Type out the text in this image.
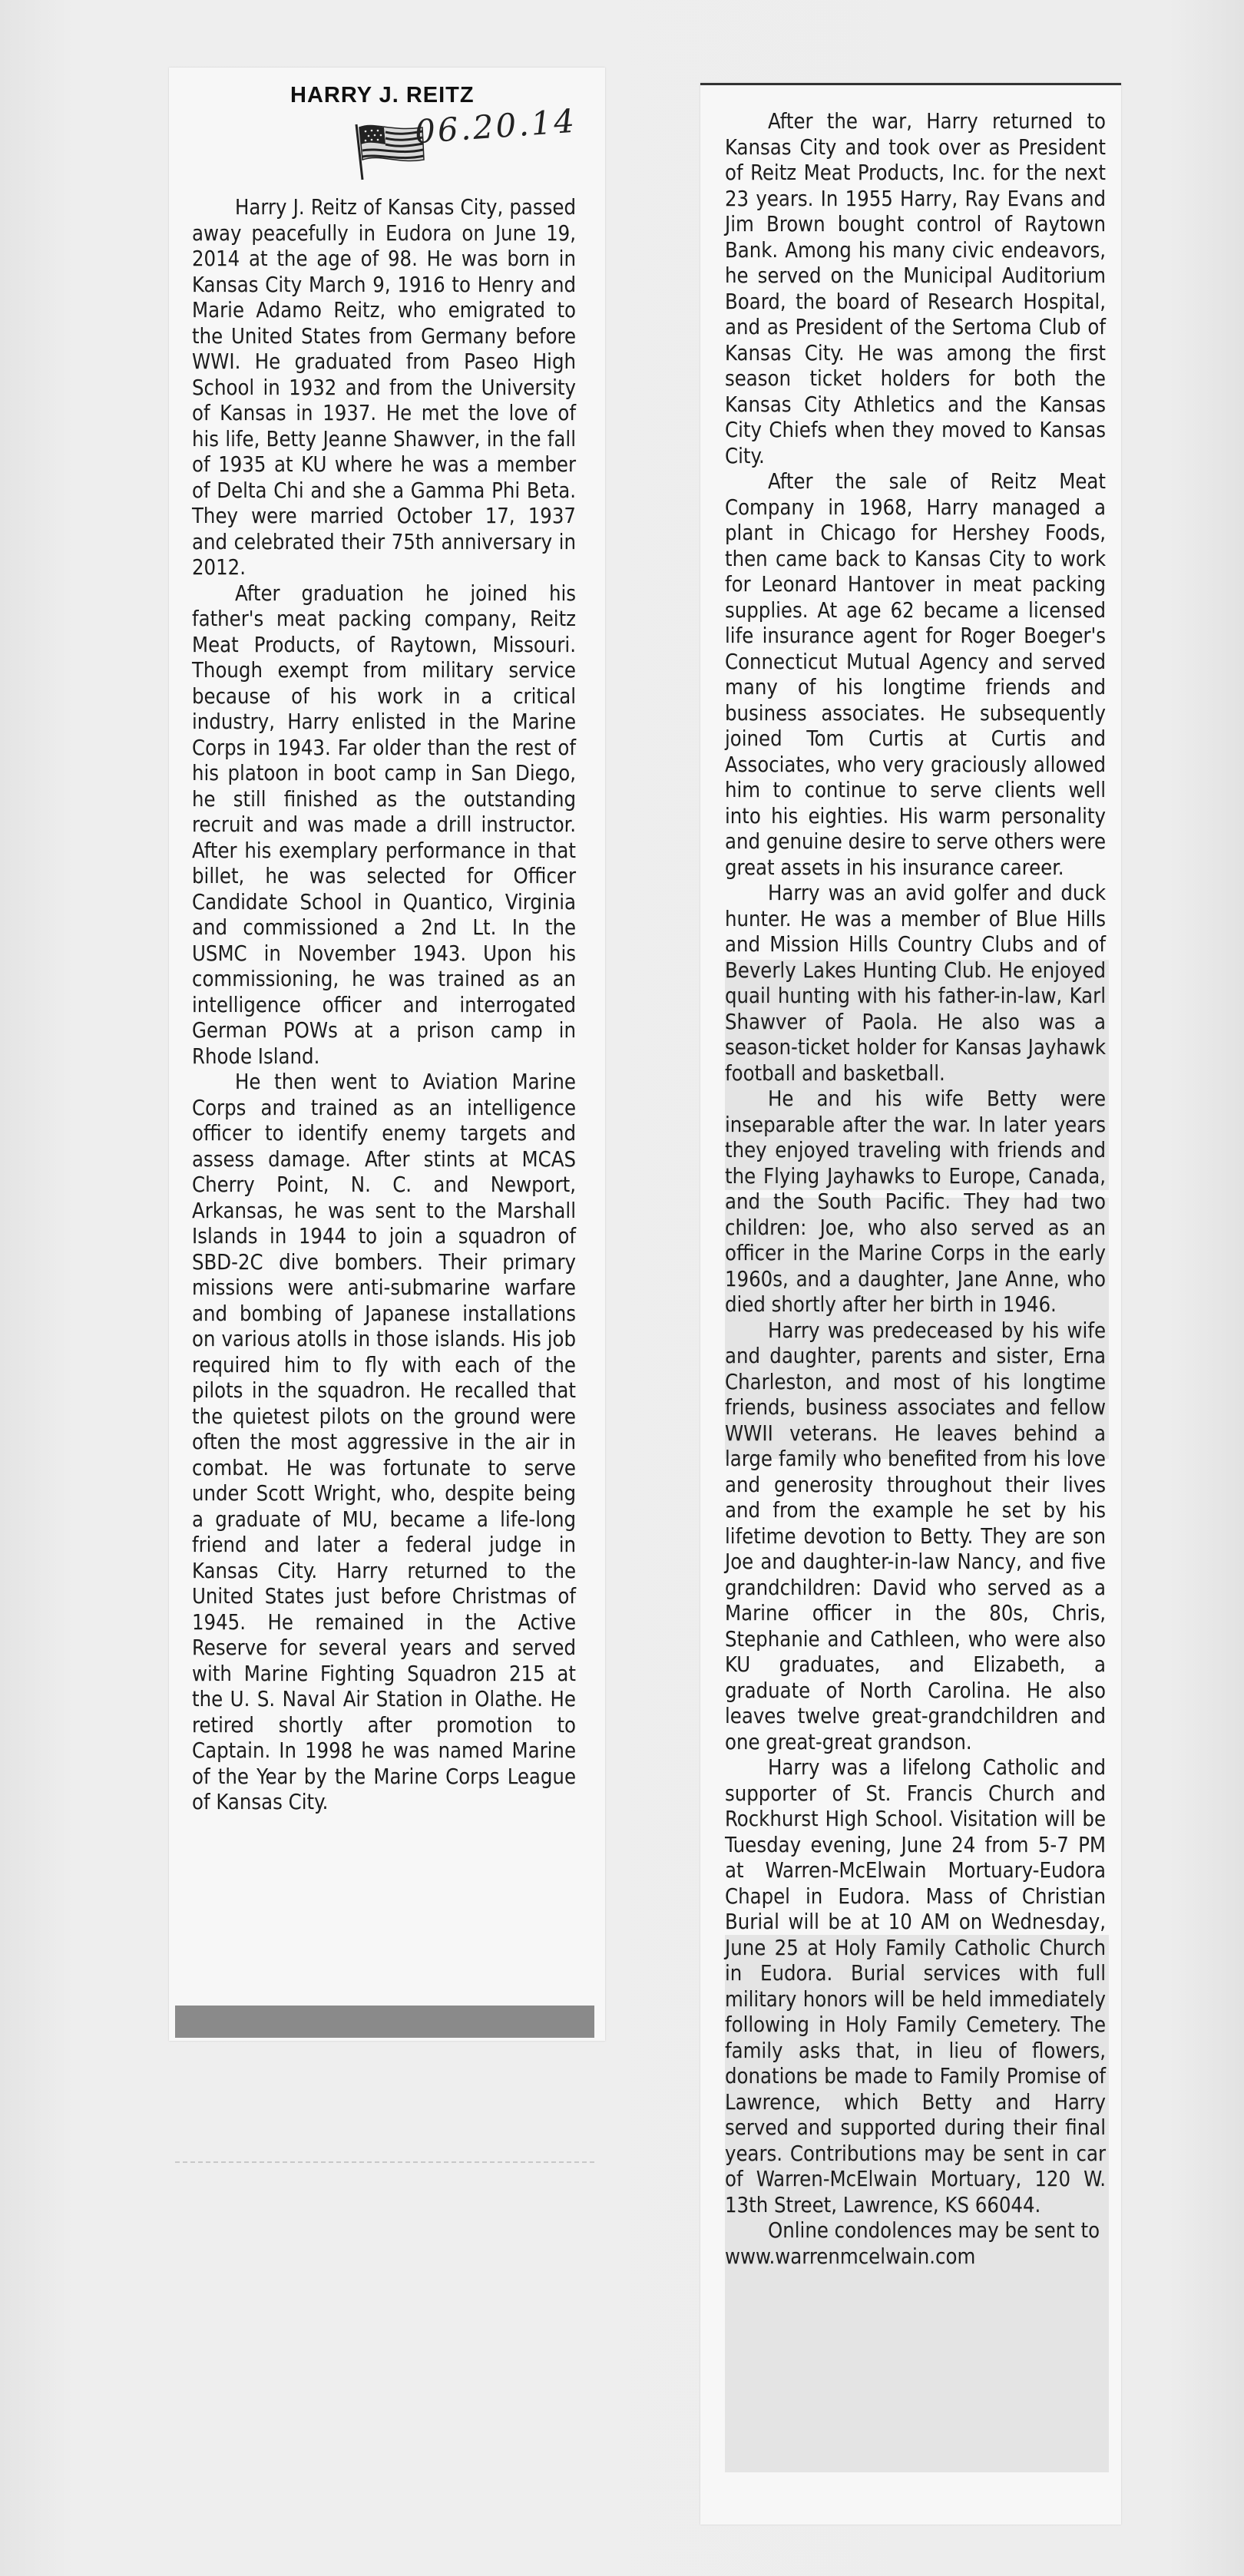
HARRY J. REITZ
06.20.14

Harry J. Reitz of Kansas City, passed away peacefully in Eudora on June 19, 2014 at the age of 98. He was born in Kansas City March 9, 1916 to Henry and Marie Adamo Reitz, who emigrated to the United States from Germany before WWI. He graduated from Paseo High School in 1932 and from the University of Kansas in 1937. He met the love of his life, Betty Jeanne Shawver, in the fall of 1935 at KU where he was a member of Delta Chi and she a Gamma Phi Beta. They were married October 17, 1937 and celebrated their 75th anniversary in 2012.

After graduation he joined his father's meat packing company, Reitz Meat Products, of Raytown, Missouri. Though exempt from military service because of his work in a critical industry, Harry enlisted in the Marine Corps in 1943. Far older than the rest of his platoon in boot camp in San Diego, he still finished as the outstanding recruit and was made a drill instructor. After his exemplary performance in that billet, he was selected for Officer Candidate School in Quantico, Virginia and commissioned a 2nd Lt. In the USMC in November 1943. Upon his commissioning, he was trained as an intelligence officer and interrogated German POWs at a prison camp in Rhode Island.

He then went to Aviation Marine Corps and trained as an intelligence officer to identify enemy targets and assess damage. After stints at MCAS Cherry Point, N. C. and Newport, Arkansas, he was sent to the Marshall Islands in 1944 to join a squadron of SBD-2C dive bombers. Their primary missions were anti-submarine warfare and bombing of Japanese installations on various atolls in those islands. His job required him to fly with each of the pilots in the squadron. He recalled that the quietest pilots on the ground were often the most aggressive in the air in combat. He was fortunate to serve under Scott Wright, who, despite being a graduate of MU, became a life-long friend and later a federal judge in Kansas City. Harry returned to the United States just before Christmas of 1945. He remained in the Active Reserve for several years and served with Marine Fighting Squadron 215 at the U. S. Naval Air Station in Olathe. He retired shortly after promotion to Captain. In 1998 he was named Marine of the Year by the Marine Corps League of Kansas City.

After the war, Harry returned to Kansas City and took over as President of Reitz Meat Products, Inc. for the next 23 years. In 1955 Harry, Ray Evans and Jim Brown bought control of Raytown Bank. Among his many civic endeavors, he served on the Municipal Auditorium Board, the board of Research Hospital, and as President of the Sertoma Club of Kansas City. He was among the first season ticket holders for both the Kansas City Athletics and the Kansas City Chiefs when they moved to Kansas City.

After the sale of Reitz Meat Company in 1968, Harry managed a plant in Chicago for Hershey Foods, then came back to Kansas City to work for Leonard Hantover in meat packing supplies. At age 62 became a licensed life insurance agent for Roger Boeger's Connecticut Mutual Agency and served many of his longtime friends and business associates. He subsequently joined Tom Curtis at Curtis and Associates, who very graciously allowed him to continue to serve clients well into his eighties. His warm personality and genuine desire to serve others were great assets in his insurance career.

Harry was an avid golfer and duck hunter. He was a member of Blue Hills and Mission Hills Country Clubs and of Beverly Lakes Hunting Club. He enjoyed quail hunting with his father-in-law, Karl Shawver of Paola. He also was a season-ticket holder for Kansas Jayhawk football and basketball.

He and his wife Betty were inseparable after the war. In later years they enjoyed traveling with friends and the Flying Jayhawks to Europe, Canada, and the South Pacific. They had two children: Joe, who also served as an officer in the Marine Corps in the early 1960s, and a daughter, Jane Anne, who died shortly after her birth in 1946.

Harry was predeceased by his wife and daughter, parents and sister, Erna Charleston, and most of his longtime friends, business associates and fellow WWII veterans. He leaves behind a large family who benefited from his love and generosity throughout their lives and from the example he set by his lifetime devotion to Betty. They are son Joe and daughter-in-law Nancy, and five grandchildren: David who served as a Marine officer in the 80s, Chris, Stephanie and Cathleen, who were also KU graduates, and Elizabeth, a graduate of North Carolina. He also leaves twelve great-grandchildren and one great-great grandson.

Harry was a lifelong Catholic and supporter of St. Francis Church and Rockhurst High School. Visitation will be Tuesday evening, June 24 from 5-7 PM at Warren-McElwain Mortuary-Eudora Chapel in Eudora. Mass of Christian Burial will be at 10 AM on Wednesday, June 25 at Holy Family Catholic Church in Eudora. Burial services with full military honors will be held immediately following in Holy Family Cemetery. The family asks that, in lieu of flowers, donations be made to Family Promise of Lawrence, which Betty and Harry served and supported during their final years. Contributions may be sent in car of Warren-McElwain Mortuary, 120 W. 13th Street, Lawrence, KS 66044.

Online condolences may be sent to

www.warrenmcelwain.com
